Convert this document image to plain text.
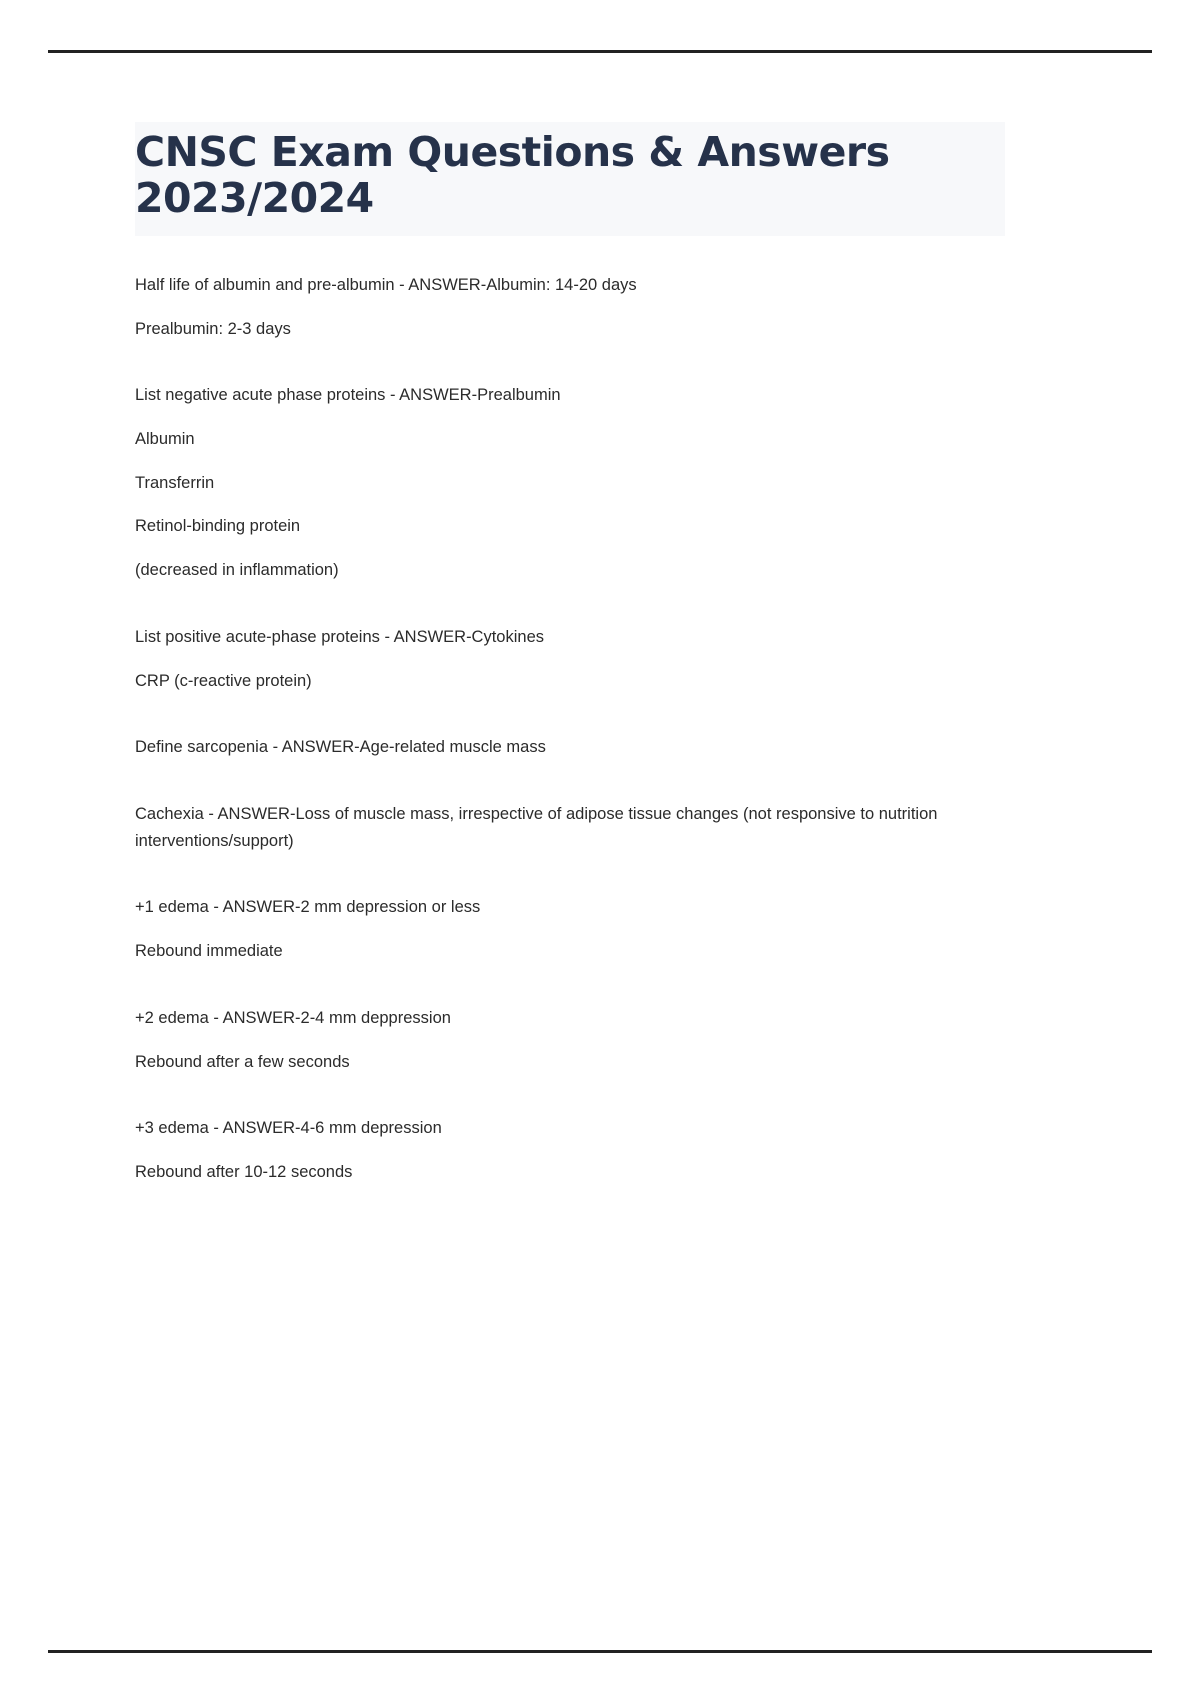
CNSC Exam Questions & Answers 2023/2024

Half life of albumin and pre-albumin - ANSWER-Albumin: 14-20 days

Prealbumin: 2-3 days

List negative acute phase proteins - ANSWER-Prealbumin

Albumin

Transferrin

Retinol-binding protein

(decreased in inflammation)

List positive acute-phase proteins - ANSWER-Cytokines

CRP (c-reactive protein)

Define sarcopenia - ANSWER-Age-related muscle mass

Cachexia - ANSWER-Loss of muscle mass, irrespective of adipose tissue changes (not responsive to nutrition interventions/support)

+1 edema - ANSWER-2 mm depression or less

Rebound immediate

+2 edema - ANSWER-2-4 mm deppression

Rebound after a few seconds

+3 edema - ANSWER-4-6 mm depression

Rebound after 10-12 seconds
